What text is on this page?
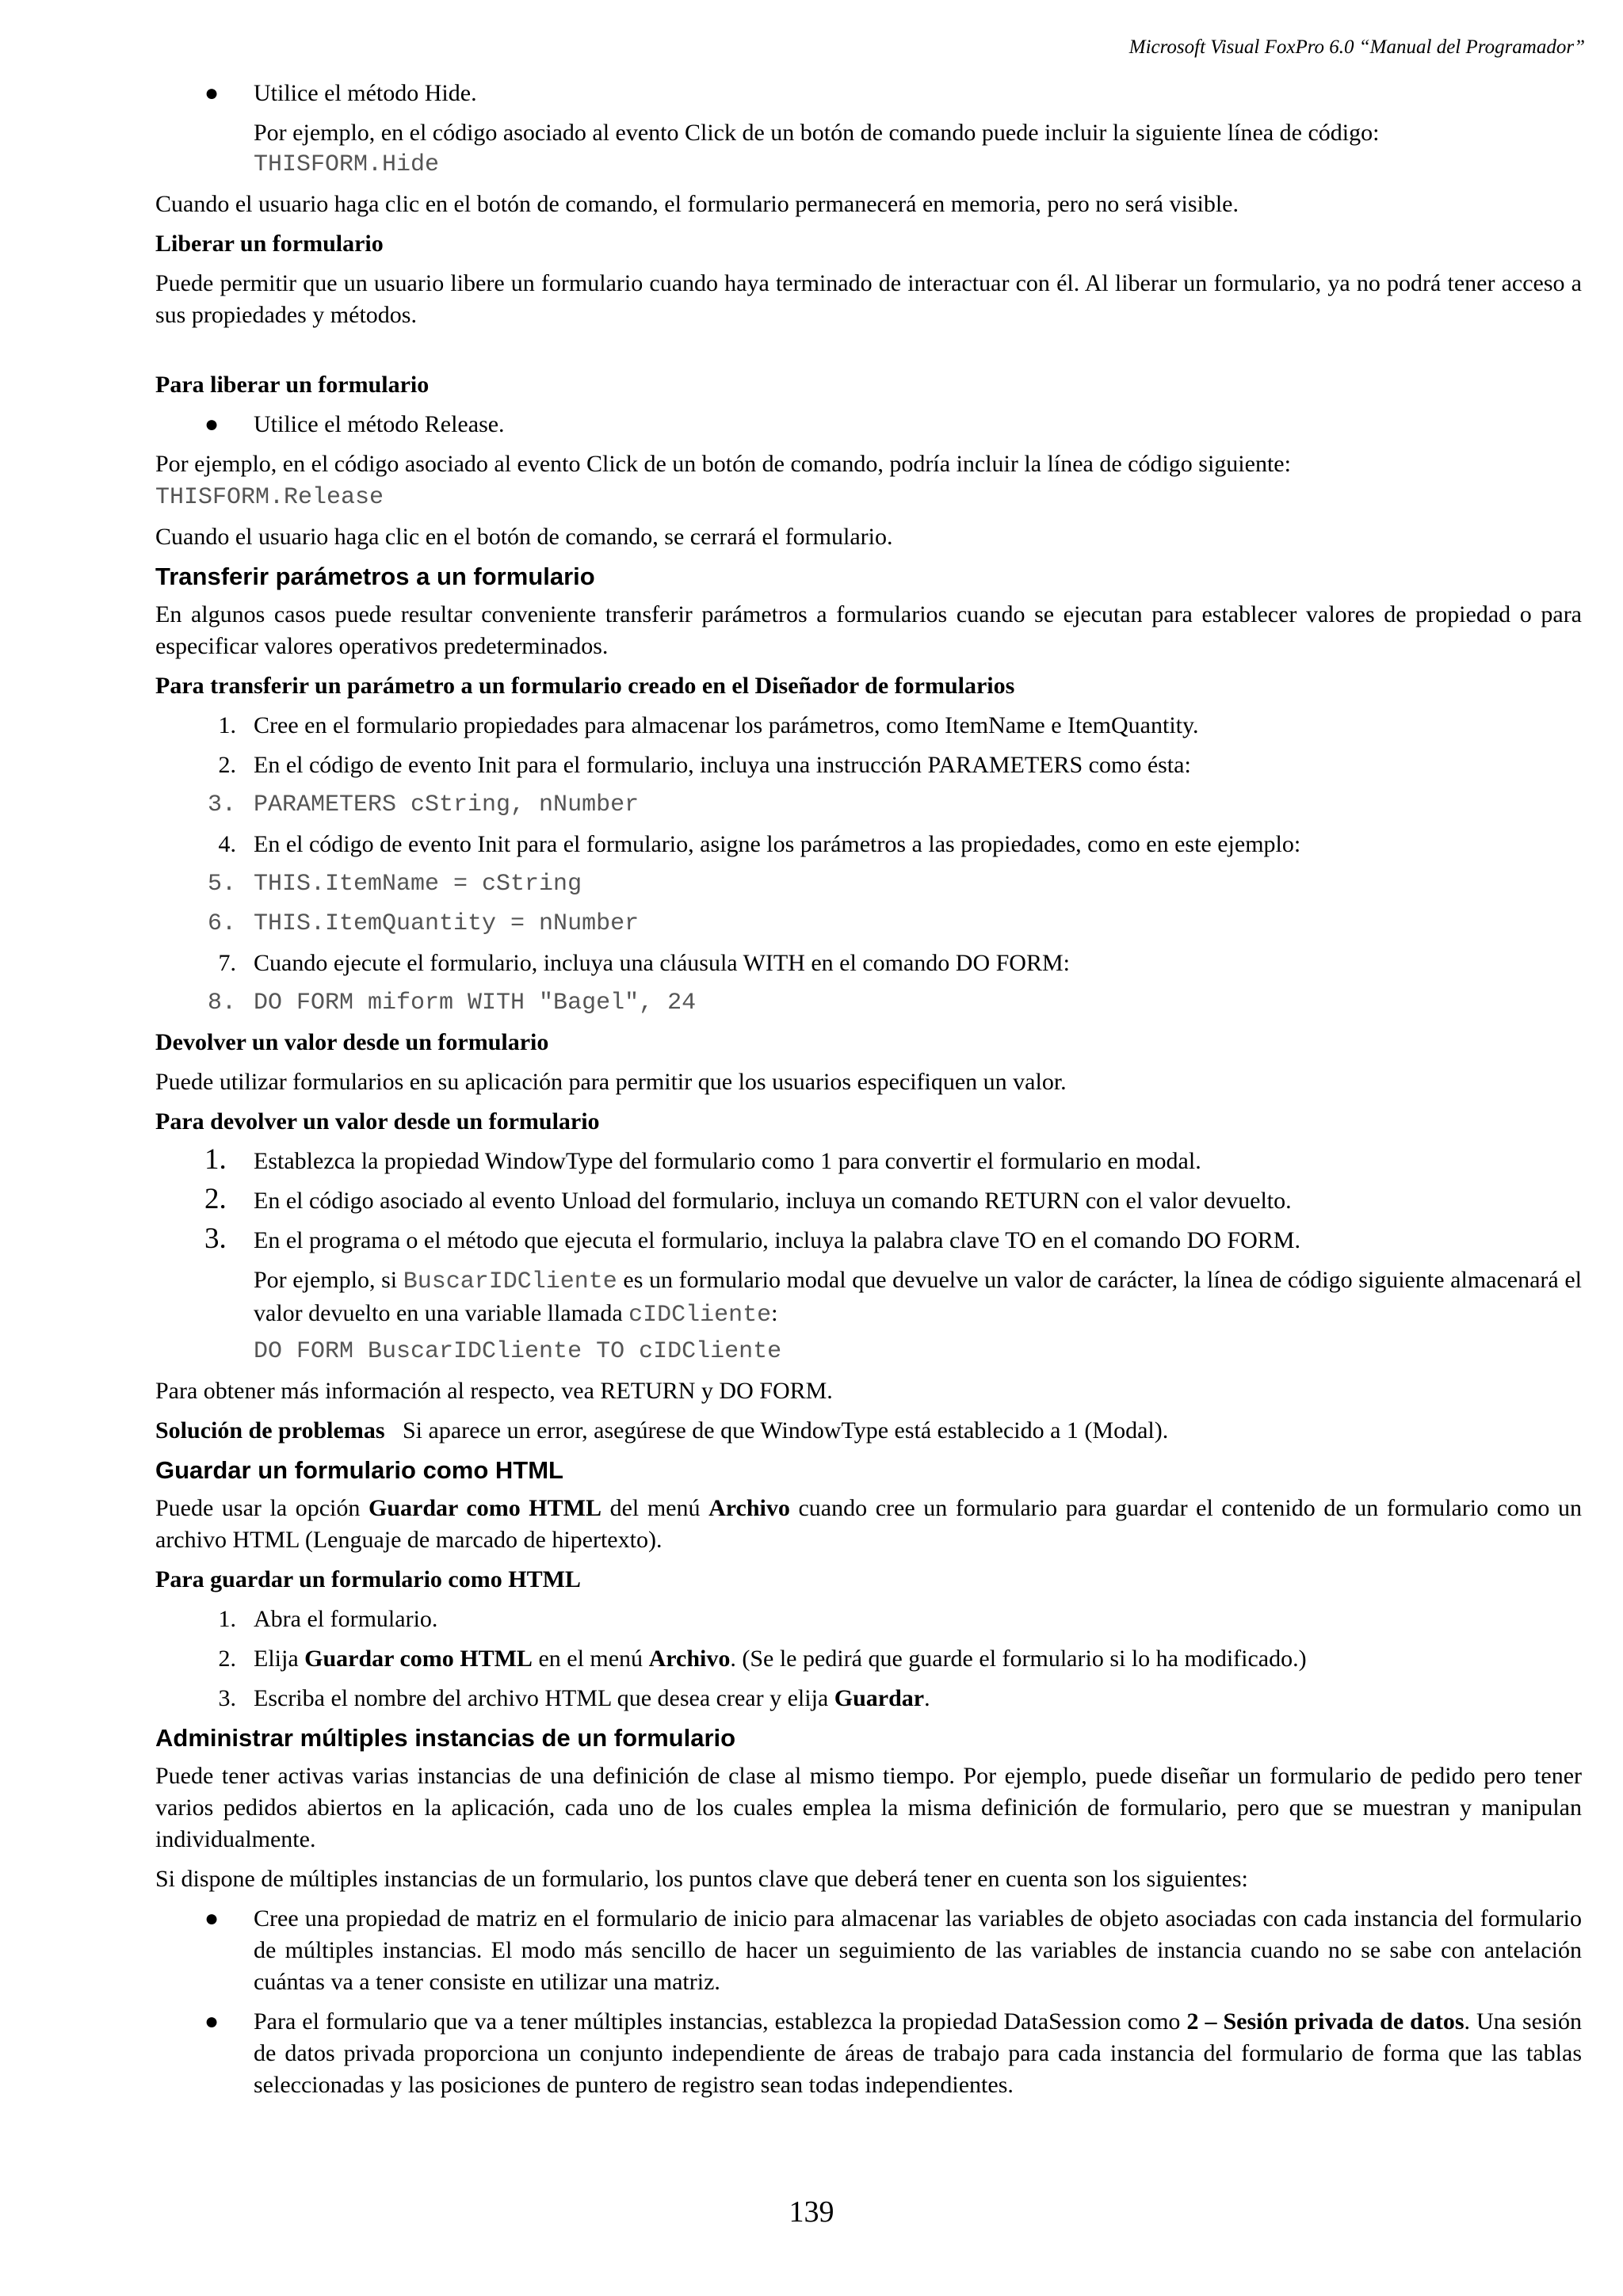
Microsoft Visual FoxPro 6.0 “Manual del Programador”
● Utilice el método Hide.
Por ejemplo, en el código asociado al evento Click de un botón de comando puede incluir la siguiente línea de código:
THISFORM.Hide

Cuando el usuario haga clic en el botón de comando, el formulario permanecerá en memoria, pero no será visible.

Liberar un formulario

Puede permitir que un usuario libere un formulario cuando haya terminado de interactuar con él. Al liberar un formulario, ya no podrá tener acceso a sus propiedades y métodos.

Para liberar un formulario
● Utilice el método Release.

Por ejemplo, en el código asociado al evento Click de un botón de comando, podría incluir la línea de código siguiente:

THISFORM.Release

Cuando el usuario haga clic en el botón de comando, se cerrará el formulario.

Transferir parámetros a un formulario

En algunos casos puede resultar conveniente transferir parámetros a formularios cuando se ejecutan para establecer valores de propiedad o para especificar valores operativos predeterminados.

Para transferir un parámetro a un formulario creado en el Diseñador de formularios
1. Cree en el formulario propiedades para almacenar los parámetros, como ItemName e ItemQuantity.
2. En el código de evento Init para el formulario, incluya una instrucción PARAMETERS como ésta:
3. PARAMETERS cString, nNumber
4. En el código de evento Init para el formulario, asigne los parámetros a las propiedades, como en este ejemplo:
5. THIS.ItemName = cString
6. THIS.ItemQuantity = nNumber
7. Cuando ejecute el formulario, incluya una cláusula WITH en el comando DO FORM:
8. DO FORM miform WITH "Bagel", 24
Devolver un valor desde un formulario

Puede utilizar formularios en su aplicación para permitir que los usuarios especifiquen un valor.

Para devolver un valor desde un formulario
1. Establezca la propiedad WindowType del formulario como 1 para convertir el formulario en modal.
2. En el código asociado al evento Unload del formulario, incluya un comando RETURN con el valor devuelto.
3. En el programa o el método que ejecuta el formulario, incluya la palabra clave TO en el comando DO FORM.
Por ejemplo, si BuscarIDCliente es un formulario modal que devuelve un valor de carácter, la línea de código siguiente almacenará el valor devuelto en una variable llamada cIDCliente:
DO FORM BuscarIDCliente TO cIDCliente

Para obtener más información al respecto, vea RETURN y DO FORM.

Solución de problemas Si aparece un error, asegúrese de que WindowType está establecido a 1 (Modal).

Guardar un formulario como HTML

Puede usar la opción Guardar como HTML del menú Archivo cuando cree un formulario para guardar el contenido de un formulario como un archivo HTML (Lenguaje de marcado de hipertexto).

Para guardar un formulario como HTML
1. Abra el formulario.
2. Elija Guardar como HTML en el menú Archivo. (Se le pedirá que guarde el formulario si lo ha modificado.)
3. Escriba el nombre del archivo HTML que desea crear y elija Guardar.
Administrar múltiples instancias de un formulario

Puede tener activas varias instancias de una definición de clase al mismo tiempo. Por ejemplo, puede diseñar un formulario de pedido pero tener varios pedidos abiertos en la aplicación, cada uno de los cuales emplea la misma definición de formulario, pero que se muestran y manipulan individualmente.

Si dispone de múltiples instancias de un formulario, los puntos clave que deberá tener en cuenta son los siguientes:

● Cree una propiedad de matriz en el formulario de inicio para almacenar las variables de objeto asociadas con cada instancia del formulario de múltiples instancias. El modo más sencillo de hacer un seguimiento de las variables de instancia cuando no se sabe con antelación cuántas va a tener consiste en utilizar una matriz.
● Para el formulario que va a tener múltiples instancias, establezca la propiedad DataSession como 2 – Sesión privada de datos. Una sesión de datos privada proporciona un conjunto independiente de áreas de trabajo para cada instancia del formulario de forma que las tablas seleccionadas y las posiciones de puntero de registro sean todas independientes.
139
